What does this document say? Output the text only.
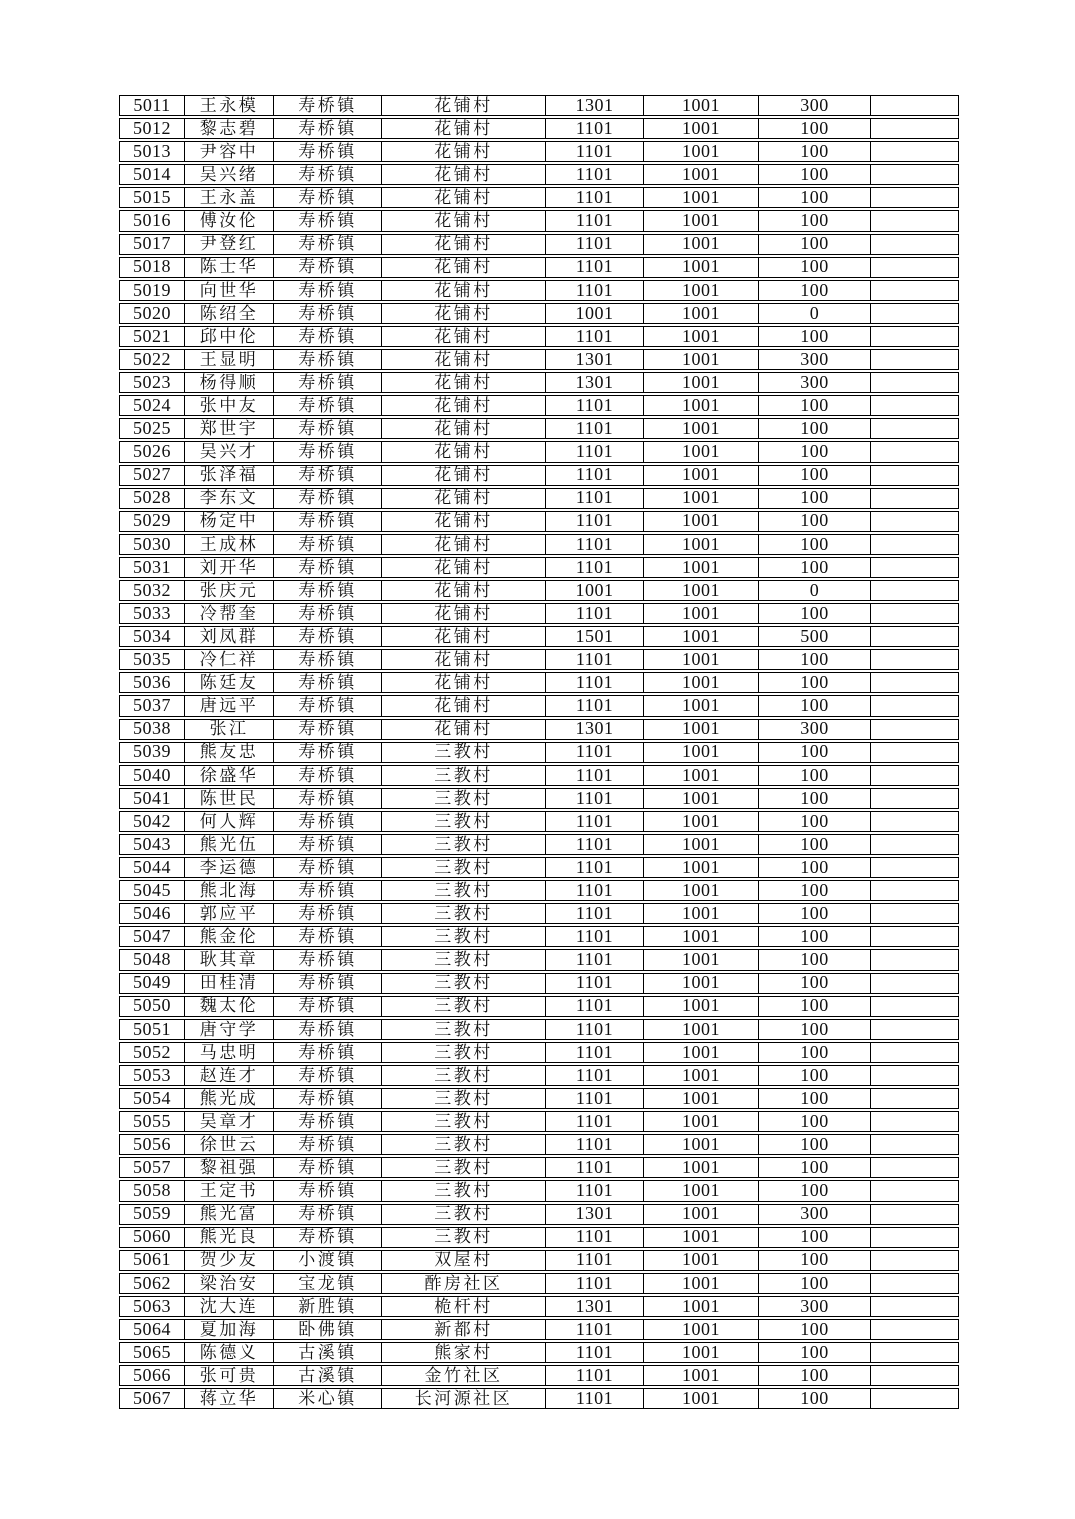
5011	王永模	寿桥镇	花铺村	1301	1001	300
5012	黎志碧	寿桥镇	花铺村	1101	1001	100
5013	尹容中	寿桥镇	花铺村	1101	1001	100
5014	吴兴绪	寿桥镇	花铺村	1101	1001	100
5015	王永盖	寿桥镇	花铺村	1101	1001	100
5016	傅汝伦	寿桥镇	花铺村	1101	1001	100
5017	尹登红	寿桥镇	花铺村	1101	1001	100
5018	陈士华	寿桥镇	花铺村	1101	1001	100
5019	向世华	寿桥镇	花铺村	1101	1001	100
5020	陈绍全	寿桥镇	花铺村	1001	1001	0
5021	邱中伦	寿桥镇	花铺村	1101	1001	100
5022	王显明	寿桥镇	花铺村	1301	1001	300
5023	杨得顺	寿桥镇	花铺村	1301	1001	300
5024	张中友	寿桥镇	花铺村	1101	1001	100
5025	郑世宇	寿桥镇	花铺村	1101	1001	100
5026	吴兴才	寿桥镇	花铺村	1101	1001	100
5027	张泽福	寿桥镇	花铺村	1101	1001	100
5028	李东文	寿桥镇	花铺村	1101	1001	100
5029	杨定中	寿桥镇	花铺村	1101	1001	100
5030	王成林	寿桥镇	花铺村	1101	1001	100
5031	刘开华	寿桥镇	花铺村	1101	1001	100
5032	张庆元	寿桥镇	花铺村	1001	1001	0
5033	冷帮奎	寿桥镇	花铺村	1101	1001	100
5034	刘凤群	寿桥镇	花铺村	1501	1001	500
5035	冷仁祥	寿桥镇	花铺村	1101	1001	100
5036	陈廷友	寿桥镇	花铺村	1101	1001	100
5037	唐远平	寿桥镇	花铺村	1101	1001	100
5038	张江	寿桥镇	花铺村	1301	1001	300
5039	熊友忠	寿桥镇	三教村	1101	1001	100
5040	徐盛华	寿桥镇	三教村	1101	1001	100
5041	陈世民	寿桥镇	三教村	1101	1001	100
5042	何人辉	寿桥镇	三教村	1101	1001	100
5043	熊光伍	寿桥镇	三教村	1101	1001	100
5044	李运德	寿桥镇	三教村	1101	1001	100
5045	熊北海	寿桥镇	三教村	1101	1001	100
5046	郭应平	寿桥镇	三教村	1101	1001	100
5047	熊金伦	寿桥镇	三教村	1101	1001	100
5048	耿其章	寿桥镇	三教村	1101	1001	100
5049	田桂清	寿桥镇	三教村	1101	1001	100
5050	魏太伦	寿桥镇	三教村	1101	1001	100
5051	唐守学	寿桥镇	三教村	1101	1001	100
5052	马忠明	寿桥镇	三教村	1101	1001	100
5053	赵连才	寿桥镇	三教村	1101	1001	100
5054	熊光成	寿桥镇	三教村	1101	1001	100
5055	吴章才	寿桥镇	三教村	1101	1001	100
5056	徐世云	寿桥镇	三教村	1101	1001	100
5057	黎祖强	寿桥镇	三教村	1101	1001	100
5058	王定书	寿桥镇	三教村	1101	1001	100
5059	熊光富	寿桥镇	三教村	1301	1001	300
5060	熊光良	寿桥镇	三教村	1101	1001	100
5061	贺少友	小渡镇	双屋村	1101	1001	100
5062	梁治安	宝龙镇	酢房社区	1101	1001	100
5063	沈大连	新胜镇	桅杆村	1301	1001	300
5064	夏加海	卧佛镇	新都村	1101	1001	100
5065	陈德义	古溪镇	熊家村	1101	1001	100
5066	张可贵	古溪镇	金竹社区	1101	1001	100
5067	蒋立华	米心镇	长河源社区	1101	1001	100
